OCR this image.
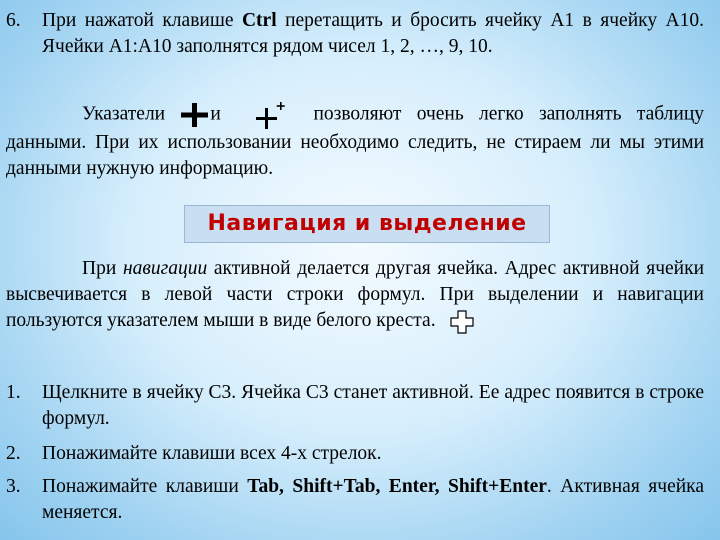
6. При нажатой клавише Ctrl перетащить и бросить ячейку А1 в ячейку А10. Ячейки А1:А10 заполнятся рядом чисел 1, 2, …, 9, 10.
Указатели и	позволяют очень легко заполнять таблицу данными. При их использовании необходимо следить, не стираем ли мы этими данными нужную информацию.
Навигация и выделение
При навигации активной делается другая ячейка. Адрес активной ячейки высвечивается в левой части строки формул. При выделении и навигации пользуются указателем мыши в виде белого креста.
1. Щелкните в ячейку С3. Ячейка С3 станет активной. Ее адрес появится в строке формул.
2. Понажимайте клавиши всех 4-х стрелок.
3. Понажимайте клавиши Tab, Shift+Tab, Enter, Shift+Enter. Активная ячейка меняется.
